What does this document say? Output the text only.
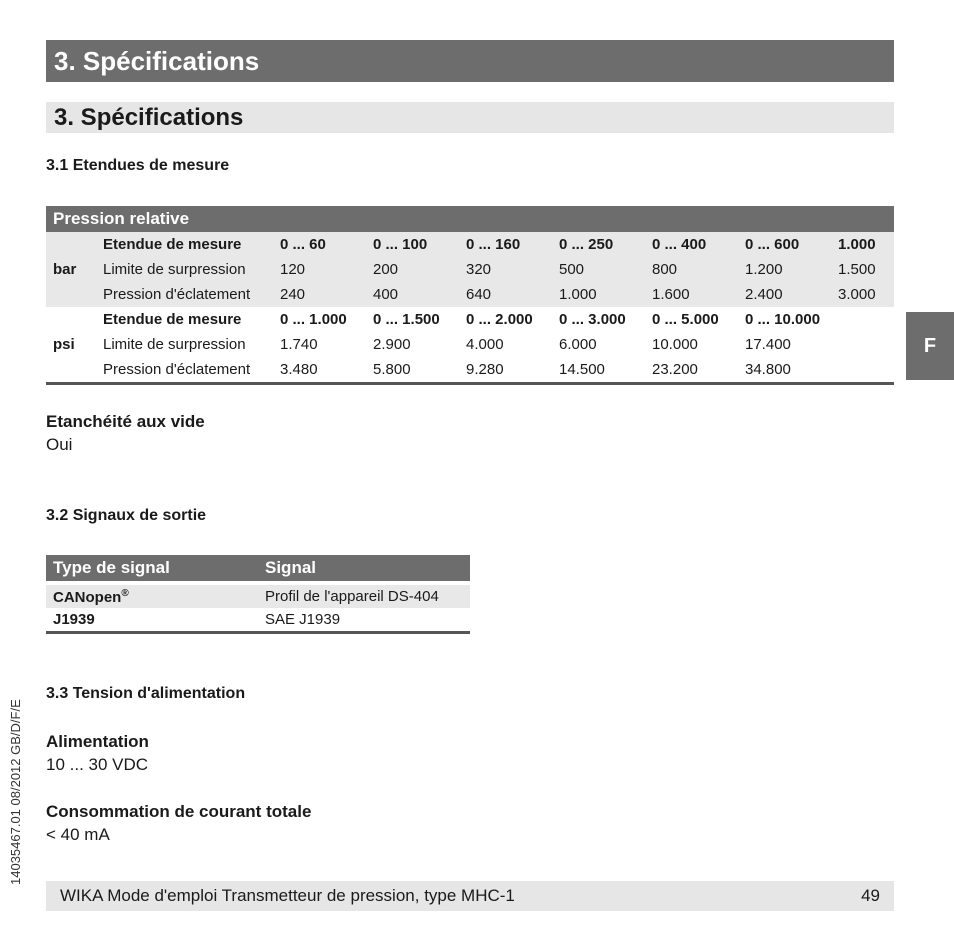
3. Spécifications
3. Spécifications
3.1 Etendues de mesure
Pression relative								
bar	Etendue de mesure	0 ... 60	0 ... 100	0 ... 160	0 ... 250	0 ... 400	0 ... 600	1.000
	Limite de surpression	120	200	320	500	800	1.200	1.500
	Pression d'éclatement	240	400	640	1.000	1.600	2.400	3.000
psi	Etendue de mesure	0 ... 1.000	0 ... 1.500	0 ... 2.000	0 ... 3.000	0 ... 5.000	0 ... 10.000	
	Limite de surpression	1.740	2.900	4.000	6.000	10.000	17.400	
	Pression d'éclatement	3.480	5.800	9.280	14.500	23.200	34.800	
Etanchéité aux vide
Oui
3.2 Signaux de sortie
Type de signal	Signal

CANopen®	Profil de l'appareil DS-404
J1939	SAE J1939
3.3 Tension d'alimentation
Alimentation
10 ... 30 VDC
Consommation de courant totale
< 40 mA
F
14035467.01 08/2012 GB/D/F/E
WIKA Mode d'emploi Transmetteur de pression, type MHC-1	49
